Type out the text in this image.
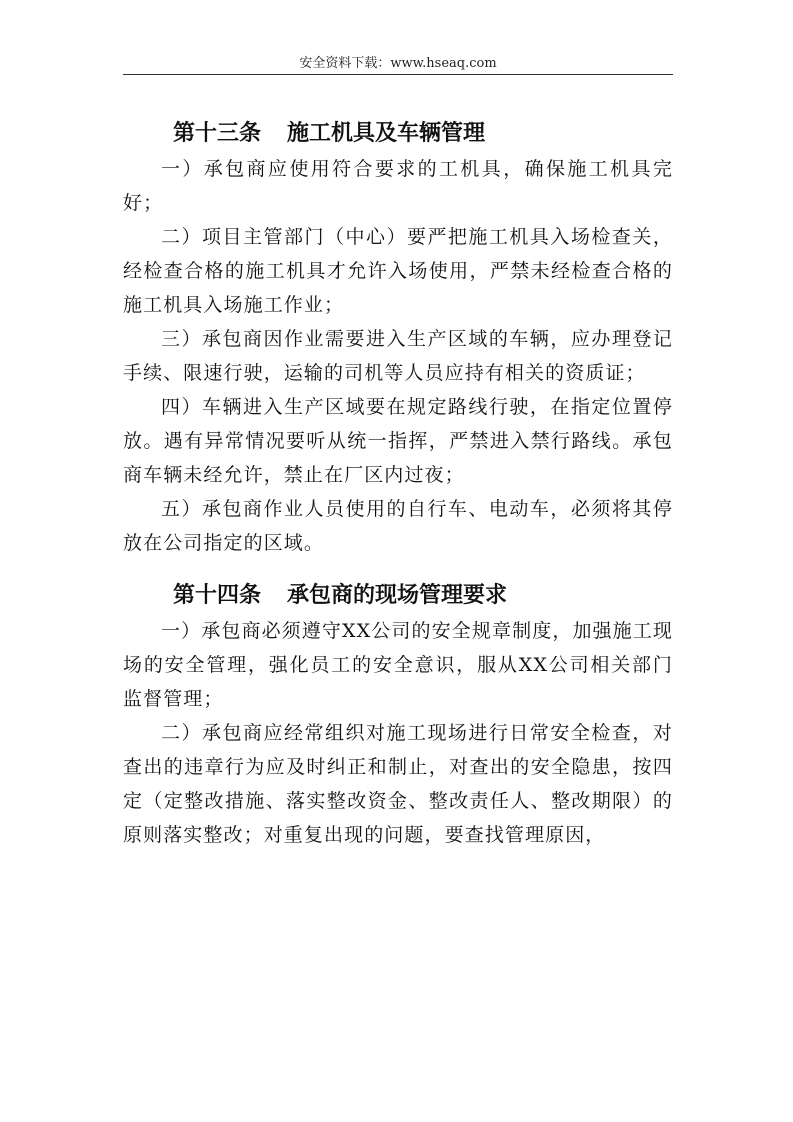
安全资料下载：www.hseaq.com
第十三条 施工机具及车辆管理

一）承包商应使用符合要求的工机具，确保施工机具完好；

二）项目主管部门（中心）要严把施工机具入场检查关，经检查合格的施工机具才允许入场使用，严禁未经检查合格的施工机具入场施工作业；

三）承包商因作业需要进入生产区域的车辆，应办理登记手续、限速行驶，运输的司机等人员应持有相关的资质证；

四）车辆进入生产区域要在规定路线行驶，在指定位置停放。遇有异常情况要听从统一指挥，严禁进入禁行路线。承包商车辆未经允许，禁止在厂区内过夜；

五）承包商作业人员使用的自行车、电动车，必须将其停放在公司指定的区域。

第十四条 承包商的现场管理要求

一）承包商必须遵守XX公司的安全规章制度，加强施工现场的安全管理，强化员工的安全意识，服从XX公司相关部门监督管理；

二）承包商应经常组织对施工现场进行日常安全检查，对查出的违章行为应及时纠正和制止，对查出的安全隐患，按四定（定整改措施、落实整改资金、整改责任人、整改期限）的原则落实整改；对重复出现的问题，要查找管理原因，
